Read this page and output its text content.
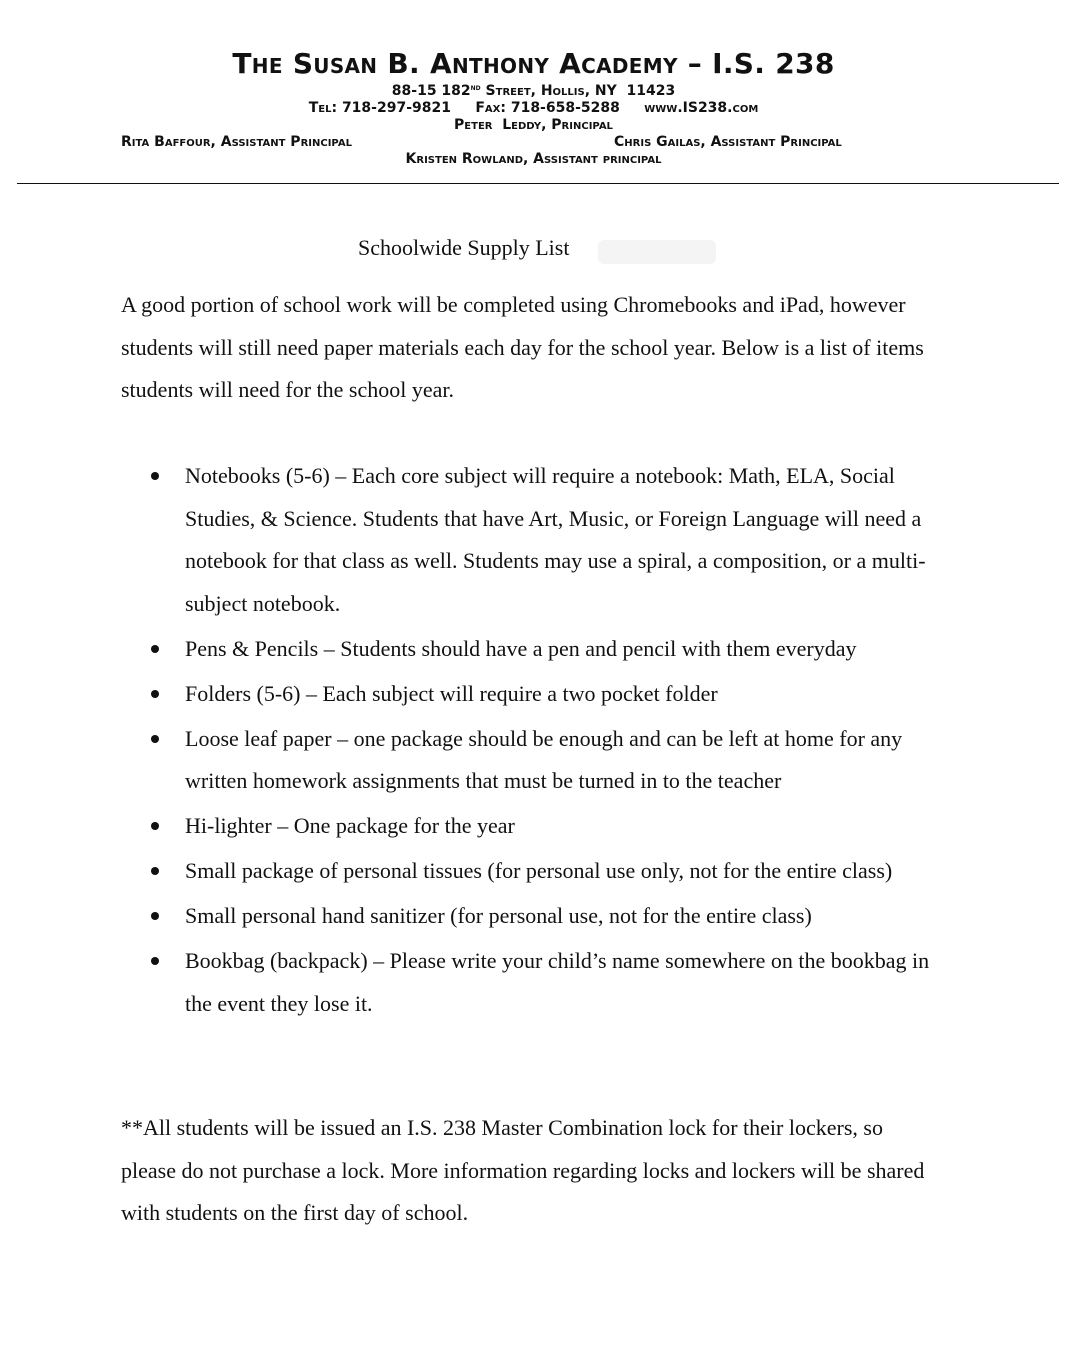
The Susan B. Anthony Academy – I.S. 238
88-15 182nd Street, Hollis, NY  11423
Tel: 718-297-9821     Fax: 718-658-5288     www.IS238.com
Peter  Leddy, Principal
Rita Baffour, Assistant Principal	Chris Gailas, Assistant Principal
Kristen Rowland, Assistant principal
Schoolwide Supply List

A good portion of school work will be completed using Chromebooks and iPad, however students will still need paper materials each day for the school year. Below is a list of items students will need for the school year.

Notebooks (5-6) – Each core subject will require a notebook: Math, ELA, Social Studies, & Science. Students that have Art, Music, or Foreign Language will need a notebook for that class as well. Students may use a spiral, a composition, or a multi-subject notebook.
Pens & Pencils – Students should have a pen and pencil with them everyday
Folders (5-6) – Each subject will require a two pocket folder
Loose leaf paper – one package should be enough and can be left at home for any written homework assignments that must be turned in to the teacher
Hi-lighter – One package for the year
Small package of personal tissues (for personal use only, not for the entire class)
Small personal hand sanitizer (for personal use, not for the entire class)
Bookbag (backpack) – Please write your child’s name somewhere on the bookbag in the event they lose it.

**All students will be issued an I.S. 238 Master Combination lock for their lockers, so please do not purchase a lock. More information regarding locks and lockers will be shared with students on the first day of school.
